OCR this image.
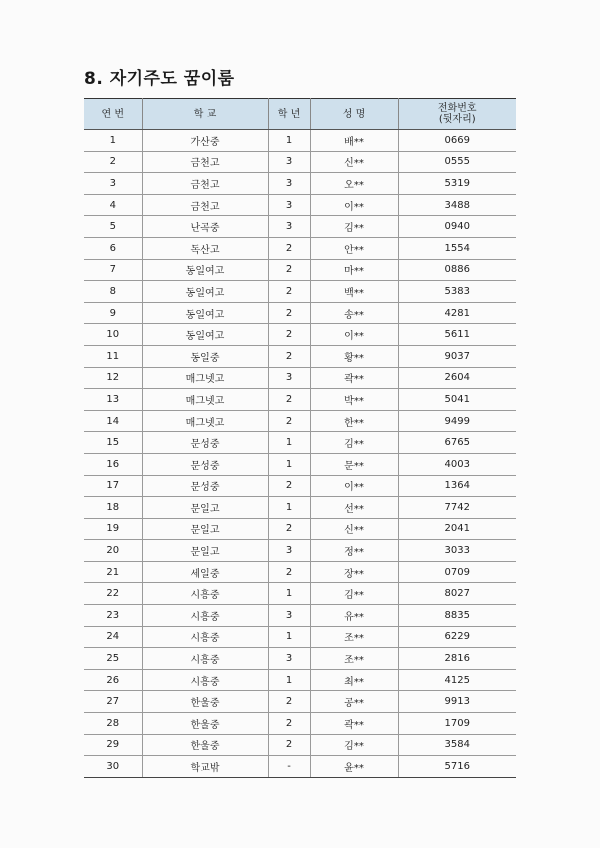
8. 자기주도 꿈이룸
연 번	학 교	학 년	성 명	전화번호
(뒷자리)

1	가산중	1	배**	0669
2	금천고	3	신**	0555
3	금천고	3	오**	5319
4	금천고	3	이**	3488
5	난곡중	3	김**	0940
6	독산고	2	안**	1554
7	동일여고	2	마**	0886
8	동일여고	2	백**	5383
9	동일여고	2	송**	4281
10	동일여고	2	이**	5611
11	동일중	2	황**	9037
12	매그넷고	3	곽**	2604
13	매그넷고	2	박**	5041
14	매그넷고	2	한**	9499
15	문성중	1	김**	6765
16	문성중	1	문**	4003
17	문성중	2	이**	1364
18	문일고	1	선**	7742
19	문일고	2	신**	2041
20	문일고	3	정**	3033
21	세일중	2	장**	0709
22	시흥중	1	김**	8027
23	시흥중	3	유**	8835
24	시흥중	1	조**	6229
25	시흥중	3	조**	2816
26	시흥중	1	최**	4125
27	한울중	2	공**	9913
28	한울중	2	곽**	1709
29	한울중	2	김**	3584
30	학교밖	-	윤**	5716
